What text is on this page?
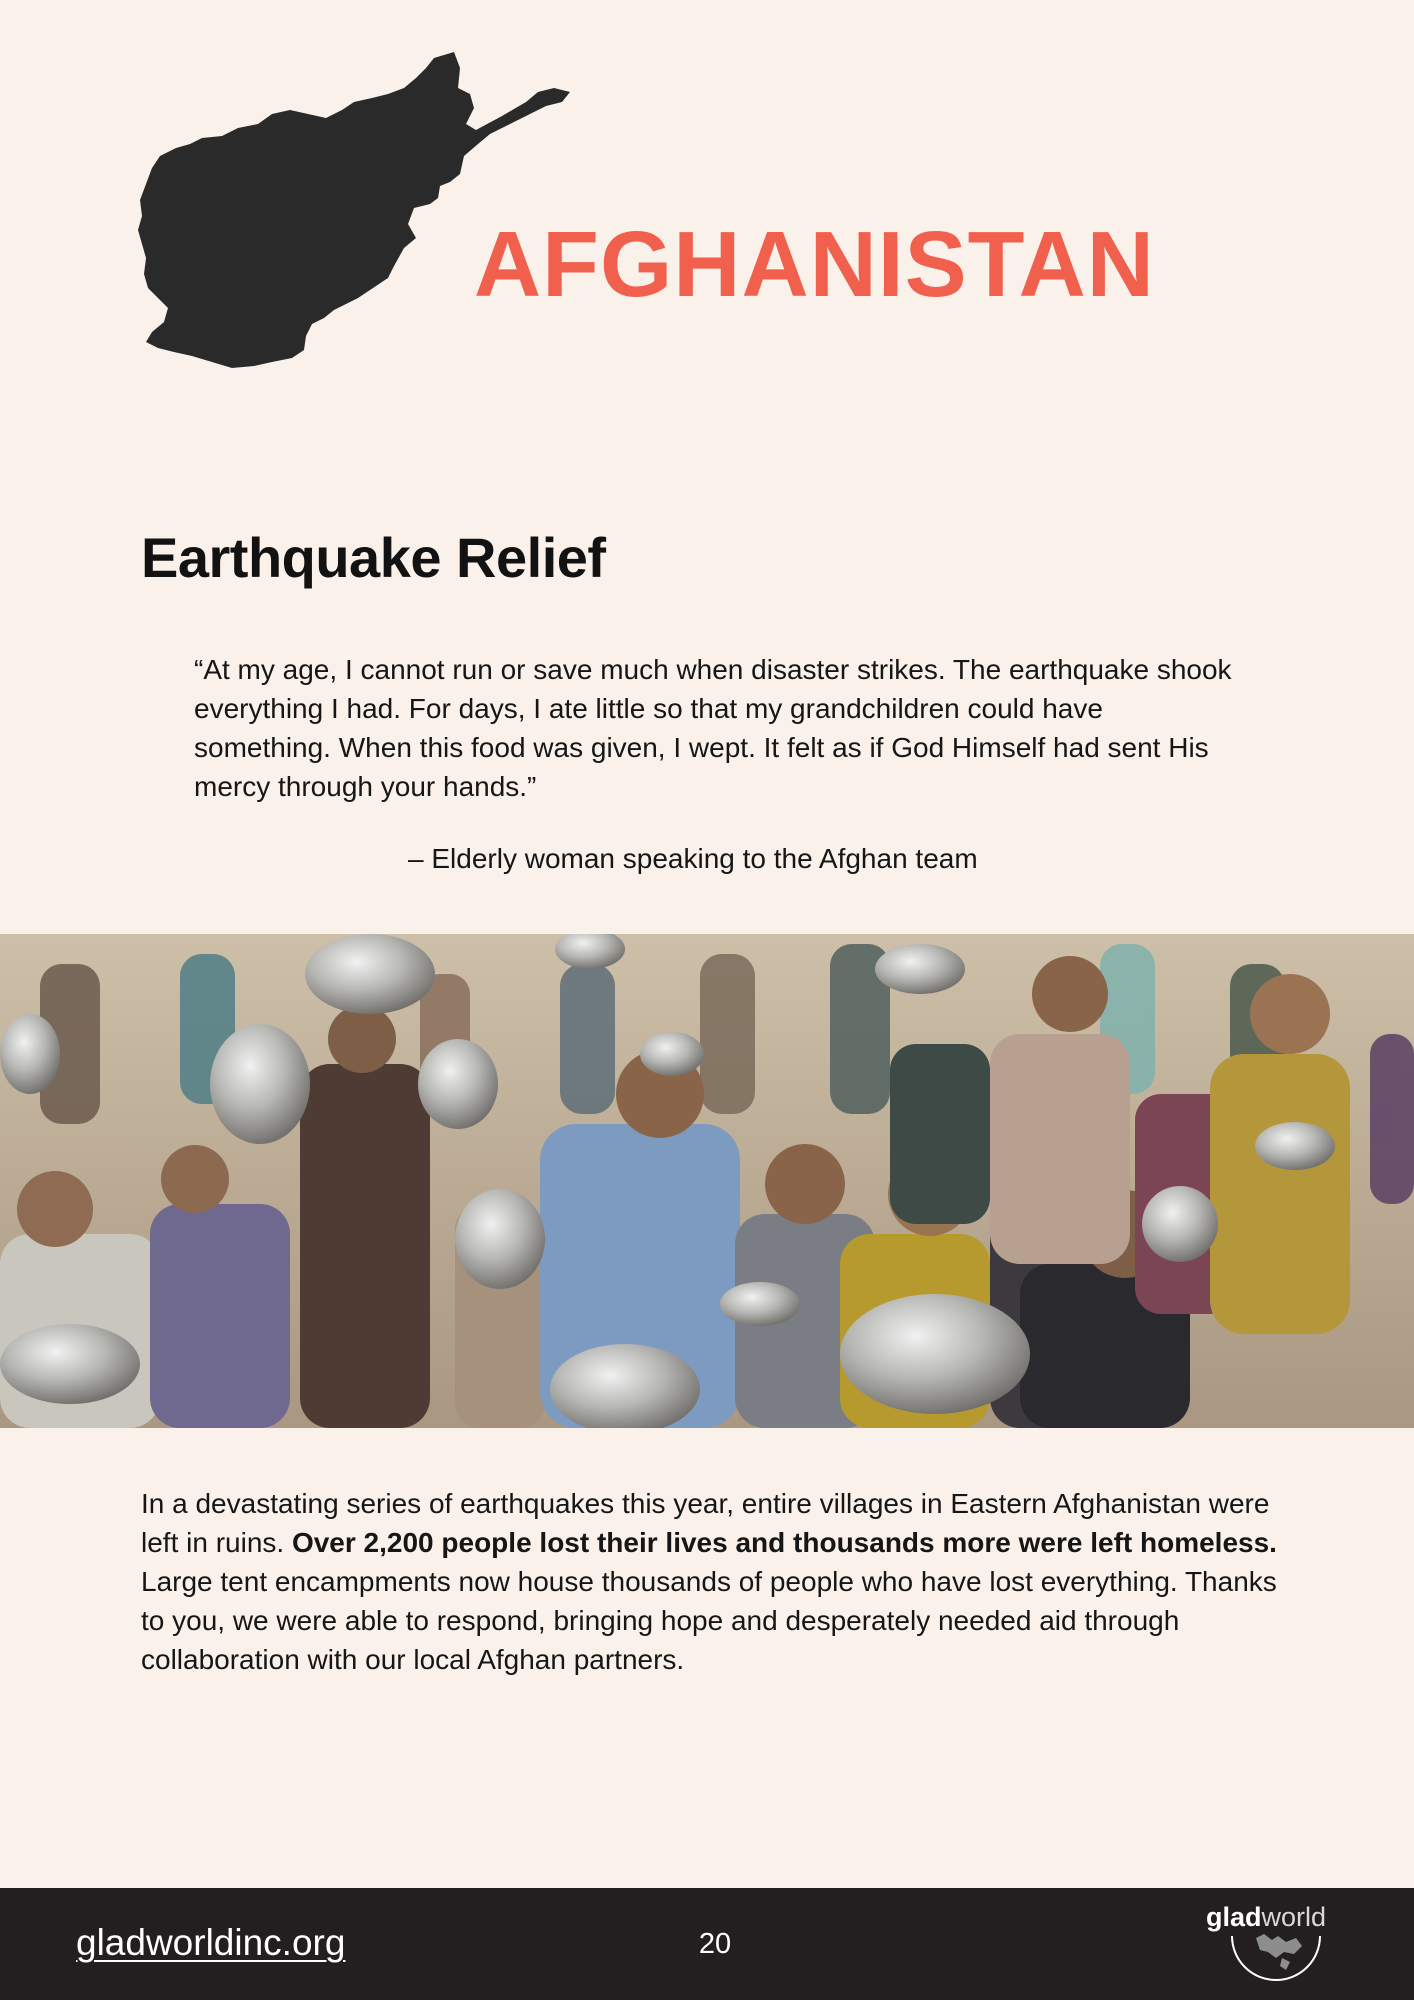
AFGHANISTAN
Earthquake Relief
“At my age, I cannot run or save much when disaster strikes. The earthquake shook everything I had. For days, I ate little so that my grandchildren could have something. When this food was given, I wept. It felt as if God Himself had sent His mercy through your hands.”
– Elderly woman speaking to the Afghan team
In a devastating series of earthquakes this year, entire villages in Eastern Afghanistan were left in ruins. Over 2,200 people lost their lives and thousands more were left homeless. Large tent encampments now house thousands of people who have lost everything. Thanks to you, we were able to respond, bringing hope and desperately needed aid through collaboration with our local Afghan partners.
gladworldinc.org	20
gladworld
